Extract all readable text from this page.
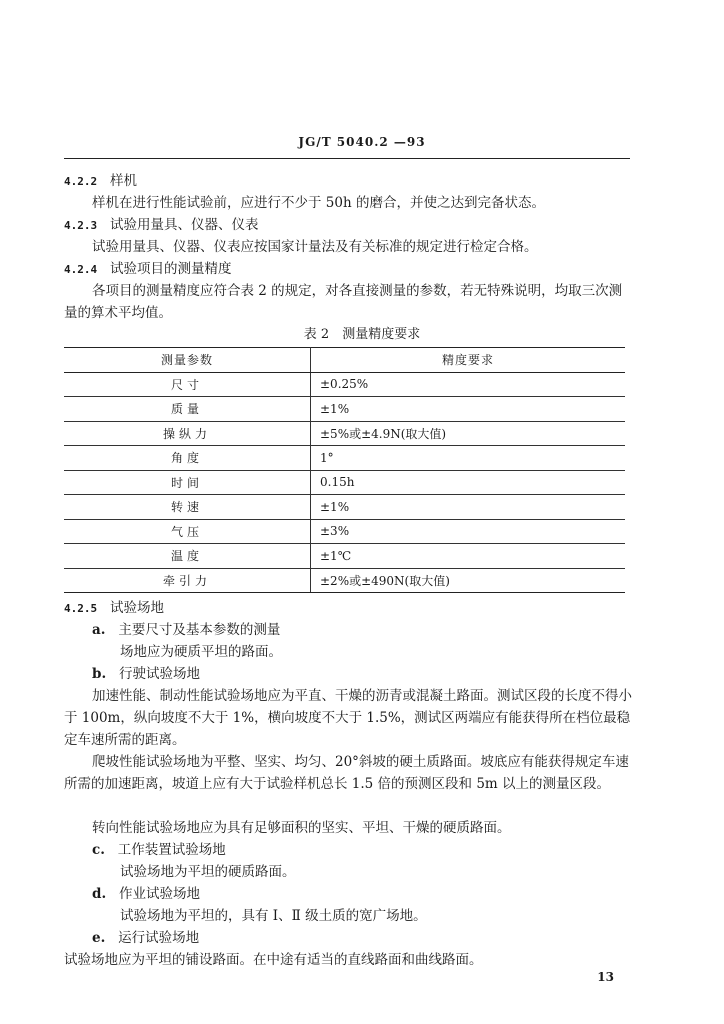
JG/T 5040.2 —93
4.2.2 样机
样机在进行性能试验前，应进行不少于 50h 的磨合，并使之达到完备状态。
4.2.3 试验用量具、仪器、仪表
试验用量具、仪器、仪表应按国家计量法及有关标准的规定进行检定合格。
4.2.4 试验项目的测量精度
各项目的测量精度应符合表 2 的规定，对各直接测量的参数，若无特殊说明，均取三次测量的算术平均值。
表 2　测量精度要求
测量参数	精度要求
尺寸	±0.25%
质量	±1%
操纵力	±5%或±4.9N(取大值)
角度	1°
时间	0.15h
转速	±1%
气压	±3%
温度	±1℃
牵引力	±2%或±490N(取大值)
4.2.5 试验场地
a. 主要尺寸及基本参数的测量
场地应为硬质平坦的路面。
b. 行驶试验场地
加速性能、制动性能试验场地应为平直、干燥的沥青或混凝土路面。测试区段的长度不得小于 100m，纵向坡度不大于 1%，横向坡度不大于 1.5%，测试区两端应有能获得所在档位最稳定车速所需的距离。
爬坡性能试验场地为平整、坚实、均匀、20°斜坡的硬土质路面。坡底应有能获得规定车速所需的加速距离，坡道上应有大于试验样机总长 1.5 倍的预测区段和 5m 以上的测量区段。
转向性能试验场地应为具有足够面积的坚实、平坦、干燥的硬质路面。
c. 工作装置试验场地
试验场地为平坦的硬质路面。
d. 作业试验场地
试验场地为平坦的，具有 Ⅰ、Ⅱ 级土质的宽广场地。
e. 运行试验场地
试验场地应为平坦的铺设路面。在中途有适当的直线路面和曲线路面。
13
